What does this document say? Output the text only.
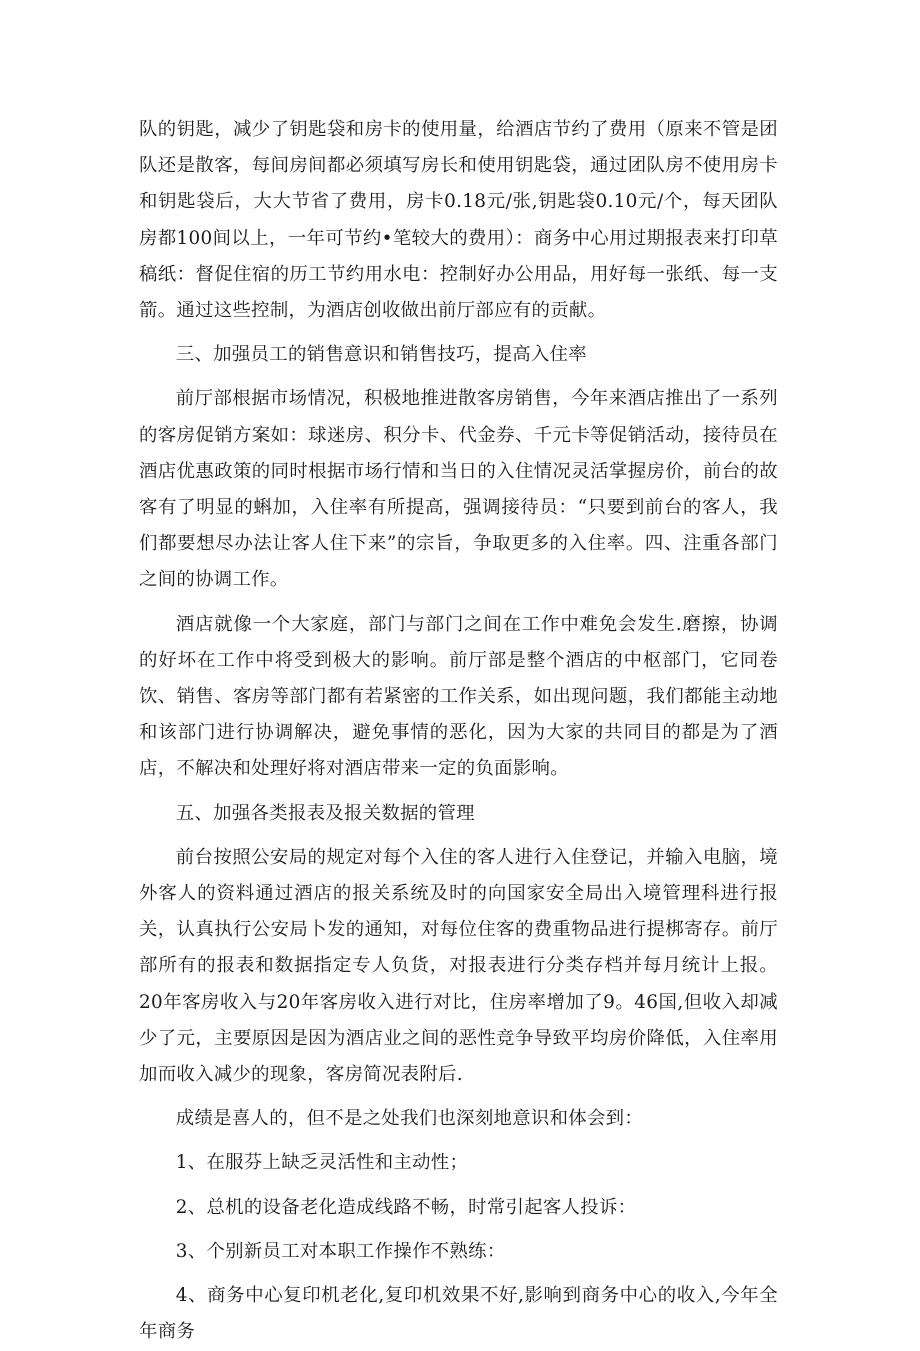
队的钥匙，减少了钥匙袋和房卡的使用量，给酒店节约了费用（原来不管是团队还是散客，每间房间都必须填写房长和使用钥匙袋，通过团队房不使用房卡和钥匙袋后，大大节省了费用，房卡0.18元/张,钥匙袋0.10元/个，每天团队房都100间以上，一年可节约•笔较大的费用）：商务中心用过期报表来打印草稿纸：督促住宿的历工节约用水电：控制好办公用品，用好每一张纸、每一支箭。通过这些控制，为酒店创收做出前厅部应有的贡献。

三、加强员工的销售意识和销售技巧，提高入住率

前厅部根据市场情况，积极地推进散客房销售，今年来酒店推出了一系列的客房促销方案如：球迷房、积分卡、代金券、千元卡等促销活动，接待员在酒店优惠政策的同时根据市场行情和当日的入住情况灵活掌握房价，前台的故客有了明显的蝌加，入住率有所提高，强调接待员：“只要到前台的客人，我们都要想尽办法让客人住下来”的宗旨，争取更多的入住率。四、注重各部门之间的协调工作。

酒店就像一个大家庭，部门与部门之间在工作中难免会发生.磨擦，协调的好坏在工作中将受到极大的影响。前厅部是整个酒店的中枢部门，它同卷饮、销售、客房等部门都有若紧密的工作关系，如出现问题，我们都能主动地和该部门进行协调解决，避免事情的恶化，因为大家的共同目的都是为了酒店，不解决和处理好将对酒店带来一定的负面影响。

五、加强各类报表及报关数据的管理

前台按照公安局的规定对每个入住的客人进行入住登记，并输入电脑，境外客人的资料通过酒店的报关系统及时的向国家安全局出入境管理科进行报关，认真执行公安局卜发的通知，对每位住客的费重物品进行提梆寄存。前厅部所有的报表和数据指定专人负货，对报表进行分类存档并每月统计上报。20年客房收入与20年客房收入进行对比，住房率增加了9。46国,但收入却减少了元，主要原因是因为酒店业之间的恶性竞争导致平均房价降低，入住率用加而收入减少的现象，客房简况表附后.

成绩是喜人的，但不是之处我们也深刻地意识和体会到：

1、在服芬上缺乏灵活性和主动性；

2、总机的设备老化造成线路不畅，时常引起客人投诉：

3、个别新员工对本职工作操作不熟练：

4、商务中心复印机老化,复印机效果不好,影响到商务中心的收入,今年全年商务
